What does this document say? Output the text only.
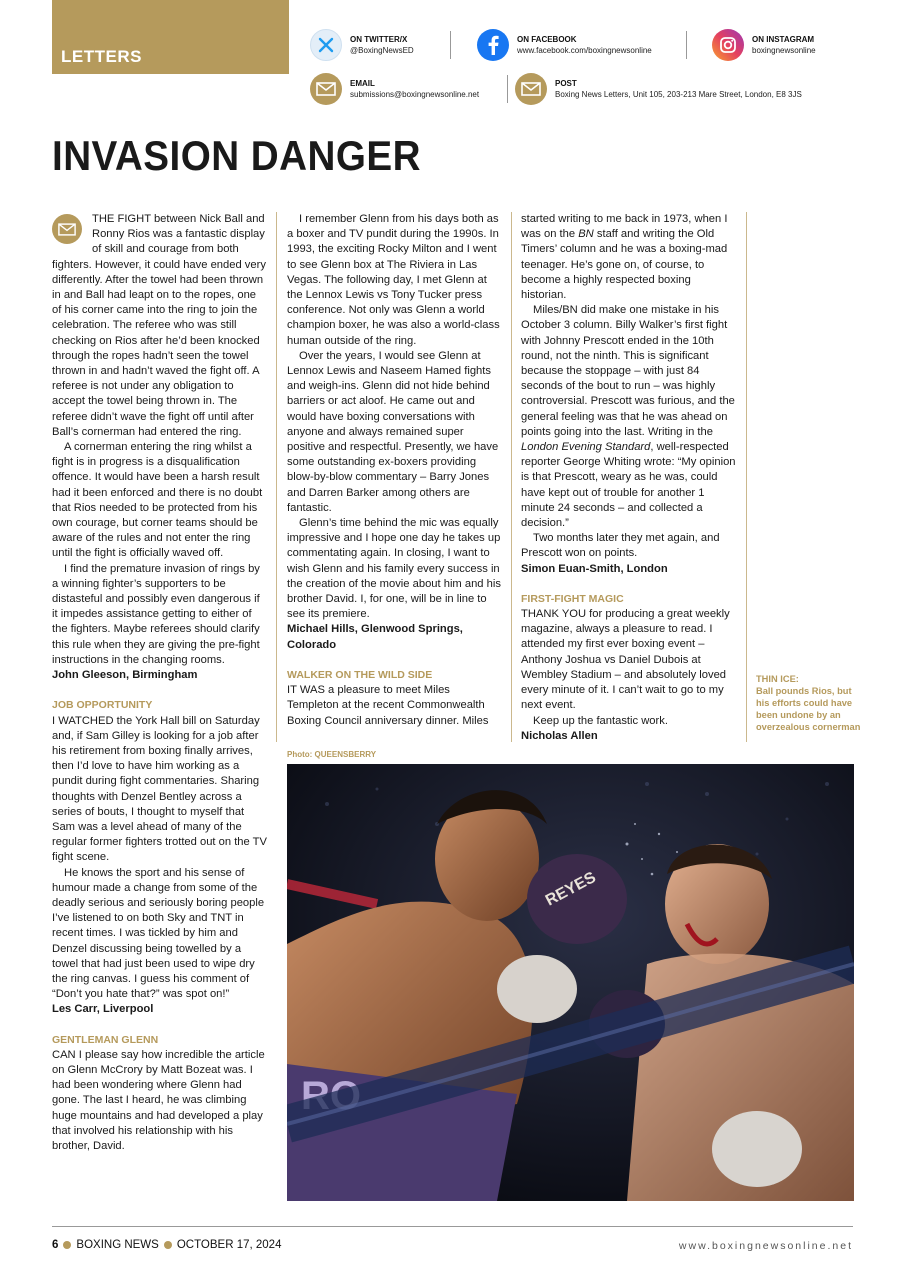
LETTERS
ON TWITTER/X
@BoxingNewsED
ON FACEBOOK
www.facebook.com/boxingnewsonline
ON INSTAGRAM
boxingnewsonline
EMAIL
submissions@boxingnewsonline.net
POST
Boxing News Letters, Unit 105, 203-213 Mare Street, London, E8 3JS
INVASION DANGER

THE FIGHT between Nick Ball and Ronny Rios was a fantastic display of skill and courage from both fighters. However, it could have ended very differently. After the towel had been thrown in and Ball had leapt on to the ropes, one of his corner came into the ring to join the celebration. The referee who was still checking on Rios after he’d been knocked through the ropes hadn’t seen the towel thrown in and hadn’t waved the fight off. A referee is not under any obligation to accept the towel being thrown in. The referee didn’t wave the fight off until after Ball’s cornerman had entered the ring.

A cornerman entering the ring whilst a fight is in progress is a disqualification offence. It would have been a harsh result had it been enforced and there is no doubt that Rios needed to be protected from his own courage, but corner teams should be aware of the rules and not enter the ring until the fight is officially waved off.

I find the premature invasion of rings by a winning fighter’s supporters to be distasteful and possibly even dangerous if it impedes assistance getting to either of the fighters. Maybe referees should clarify this rule when they are giving the pre-fight instructions in the changing rooms.

John Gleeson, Birmingham

JOB OPPORTUNITY

I WATCHED the York Hall bill on Saturday and, if Sam Gilley is looking for a job after his retirement from boxing finally arrives, then I’d love to have him working as a pundit during fight commentaries. Sharing thoughts with Denzel Bentley across a series of bouts, I thought to myself that Sam was a level ahead of many of the regular former fighters trotted out on the TV fight scene.

He knows the sport and his sense of humour made a change from some of the deadly serious and seriously boring people I’ve listened to on both Sky and TNT in recent times. I was tickled by him and Denzel discussing being towelled by a towel that had just been used to wipe dry the ring canvas. I guess his comment of “Don’t you hate that?” was spot on!”

Les Carr, Liverpool

GENTLEMAN GLENN

CAN I please say how incredible the article on Glenn McCrory by Matt Bozeat was. I had been wondering where Glenn had gone. The last I heard, he was climbing huge mountains and had developed a play that involved his relationship with his brother, David.

I remember Glenn from his days both as a boxer and TV pundit during the 1990s. In 1993, the exciting Rocky Milton and I went to see Glenn box at The Riviera in Las Vegas. The following day, I met Glenn at the Lennox Lewis vs Tony Tucker press conference. Not only was Glenn a world champion boxer, he was also a world-class human outside of the ring.

Over the years, I would see Glenn at Lennox Lewis and Naseem Hamed fights and weigh-ins. Glenn did not hide behind barriers or act aloof. He came out and would have boxing conversations with anyone and always remained super positive and respectful. Presently, we have some outstanding ex-boxers providing blow-by-blow commentary – Barry Jones and Darren Barker among others are fantastic.

Glenn’s time behind the mic was equally impressive and I hope one day he takes up commentating again. In closing, I want to wish Glenn and his family every success in the creation of the movie about him and his brother David. I, for one, will be in line to see its premiere.

Michael Hills, Glenwood Springs, Colorado

WALKER ON THE WILD SIDE

IT WAS a pleasure to meet Miles Templeton at the recent Commonwealth Boxing Council anniversary dinner. Miles

started writing to me back in 1973, when I was on the BN staff and writing the Old Timers’ column and he was a boxing-mad teenager. He’s gone on, of course, to become a highly respected boxing historian.

Miles/BN did make one mistake in his October 3 column. Billy Walker’s first fight with Johnny Prescott ended in the 10th round, not the ninth. This is significant because the stoppage – with just 84 seconds of the bout to run – was highly controversial. Prescott was furious, and the general feeling was that he was ahead on points going into the last. Writing in the London Evening Standard, well-respected reporter George Whiting wrote: “My opinion is that Prescott, weary as he was, could have kept out of trouble for another 1 minute 24 seconds – and collected a decision.”

Two months later they met again, and Prescott won on points.

Simon Euan-Smith, London

FIRST-FIGHT MAGIC

THANK YOU for producing a great weekly magazine, always a pleasure to read. I attended my first ever boxing event – Anthony Joshua vs Daniel Dubois at Wembley Stadium – and absolutely loved every minute of it. I can’t wait to go to my next event.

Keep up the fantastic work.

Nicholas Allen

THIN ICE:
Ball pounds Rios, but his efforts could have been undone by an overzealous cornerman
Photo: QUEENSBERRY
REYES
RO
6 BOXING NEWS OCTOBER 17, 2024	www.boxingnewsonline.net
